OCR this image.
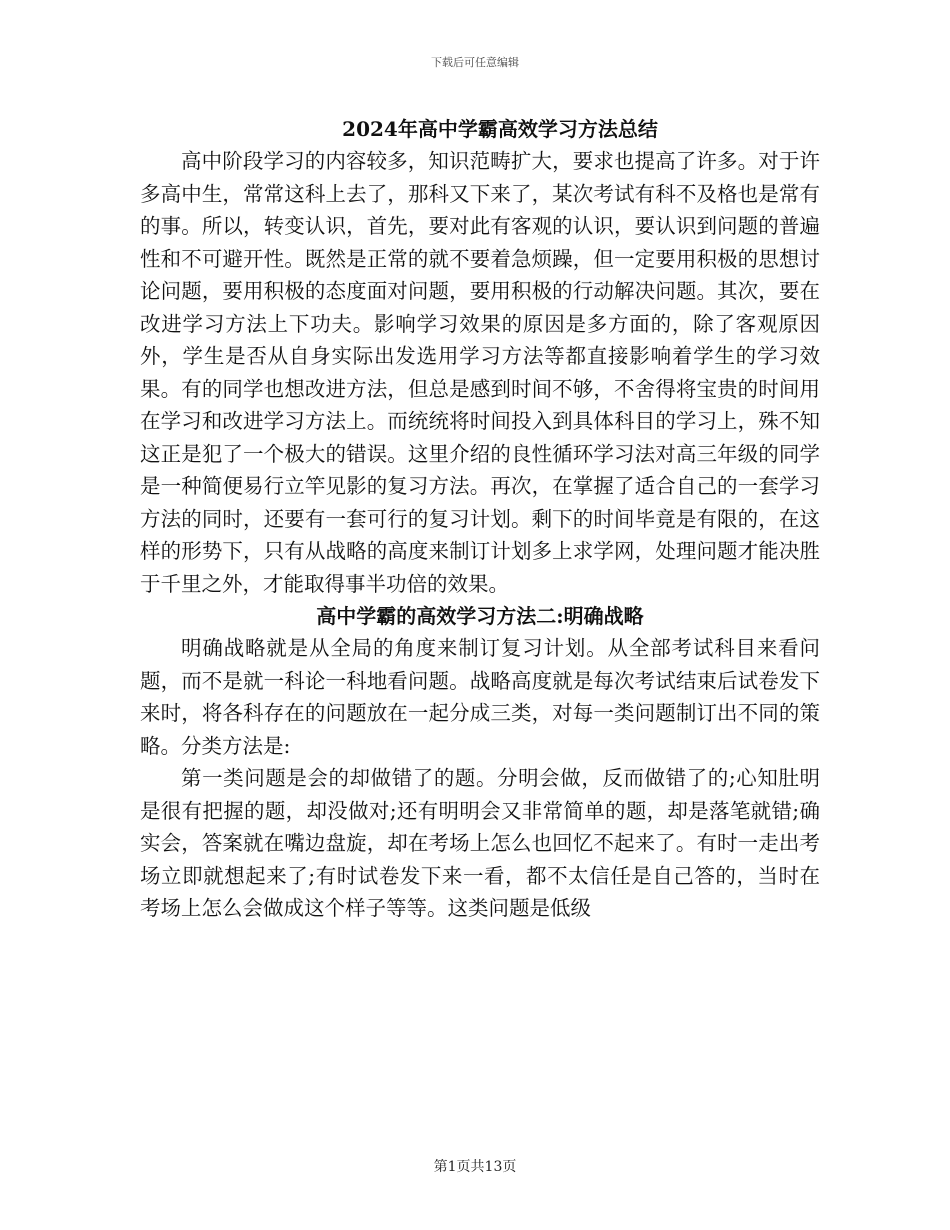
下载后可任意编辑
2024年高中学霸高效学习方法总结

高中阶段学习的内容较多，知识范畴扩大，要求也提高了许多。对于许多高中生，常常这科上去了，那科又下来了，某次考试有科不及格也是常有的事。所以，转变认识，首先，要对此有客观的认识，要认识到问题的普遍性和不可避开性。既然是正常的就不要着急烦躁，但一定要用积极的思想讨论问题，要用积极的态度面对问题，要用积极的行动解决问题。其次，要在改进学习方法上下功夫。影响学习效果的原因是多方面的，除了客观原因外，学生是否从自身实际出发选用学习方法等都直接影响着学生的学习效果。有的同学也想改进方法，但总是感到时间不够，不舍得将宝贵的时间用在学习和改进学习方法上。而统统将时间投入到具体科目的学习上，殊不知这正是犯了一个极大的错误。这里介绍的良性循环学习法对高三年级的同学是一种简便易行立竿见影的复习方法。再次，在掌握了适合自己的一套学习方法的同时，还要有一套可行的复习计划。剩下的时间毕竟是有限的，在这样的形势下，只有从战略的高度来制订计划多上求学网，处理问题才能决胜于千里之外，才能取得事半功倍的效果。

高中学霸的高效学习方法二:明确战略

明确战略就是从全局的角度来制订复习计划。从全部考试科目来看问题，而不是就一科论一科地看问题。战略高度就是每次考试结束后试卷发下来时，将各科存在的问题放在一起分成三类，对每一类问题制订出不同的策略。分类方法是:

第一类问题是会的却做错了的题。分明会做，反而做错了的;心知肚明是很有把握的题，却没做对;还有明明会又非常简单的题，却是落笔就错;确实会，答案就在嘴边盘旋，却在考场上怎么也回忆不起来了。有时一走出考场立即就想起来了;有时试卷发下来一看，都不太信任是自己答的，当时在考场上怎么会做成这个样子等等。这类问题是低级

第1页共13页
